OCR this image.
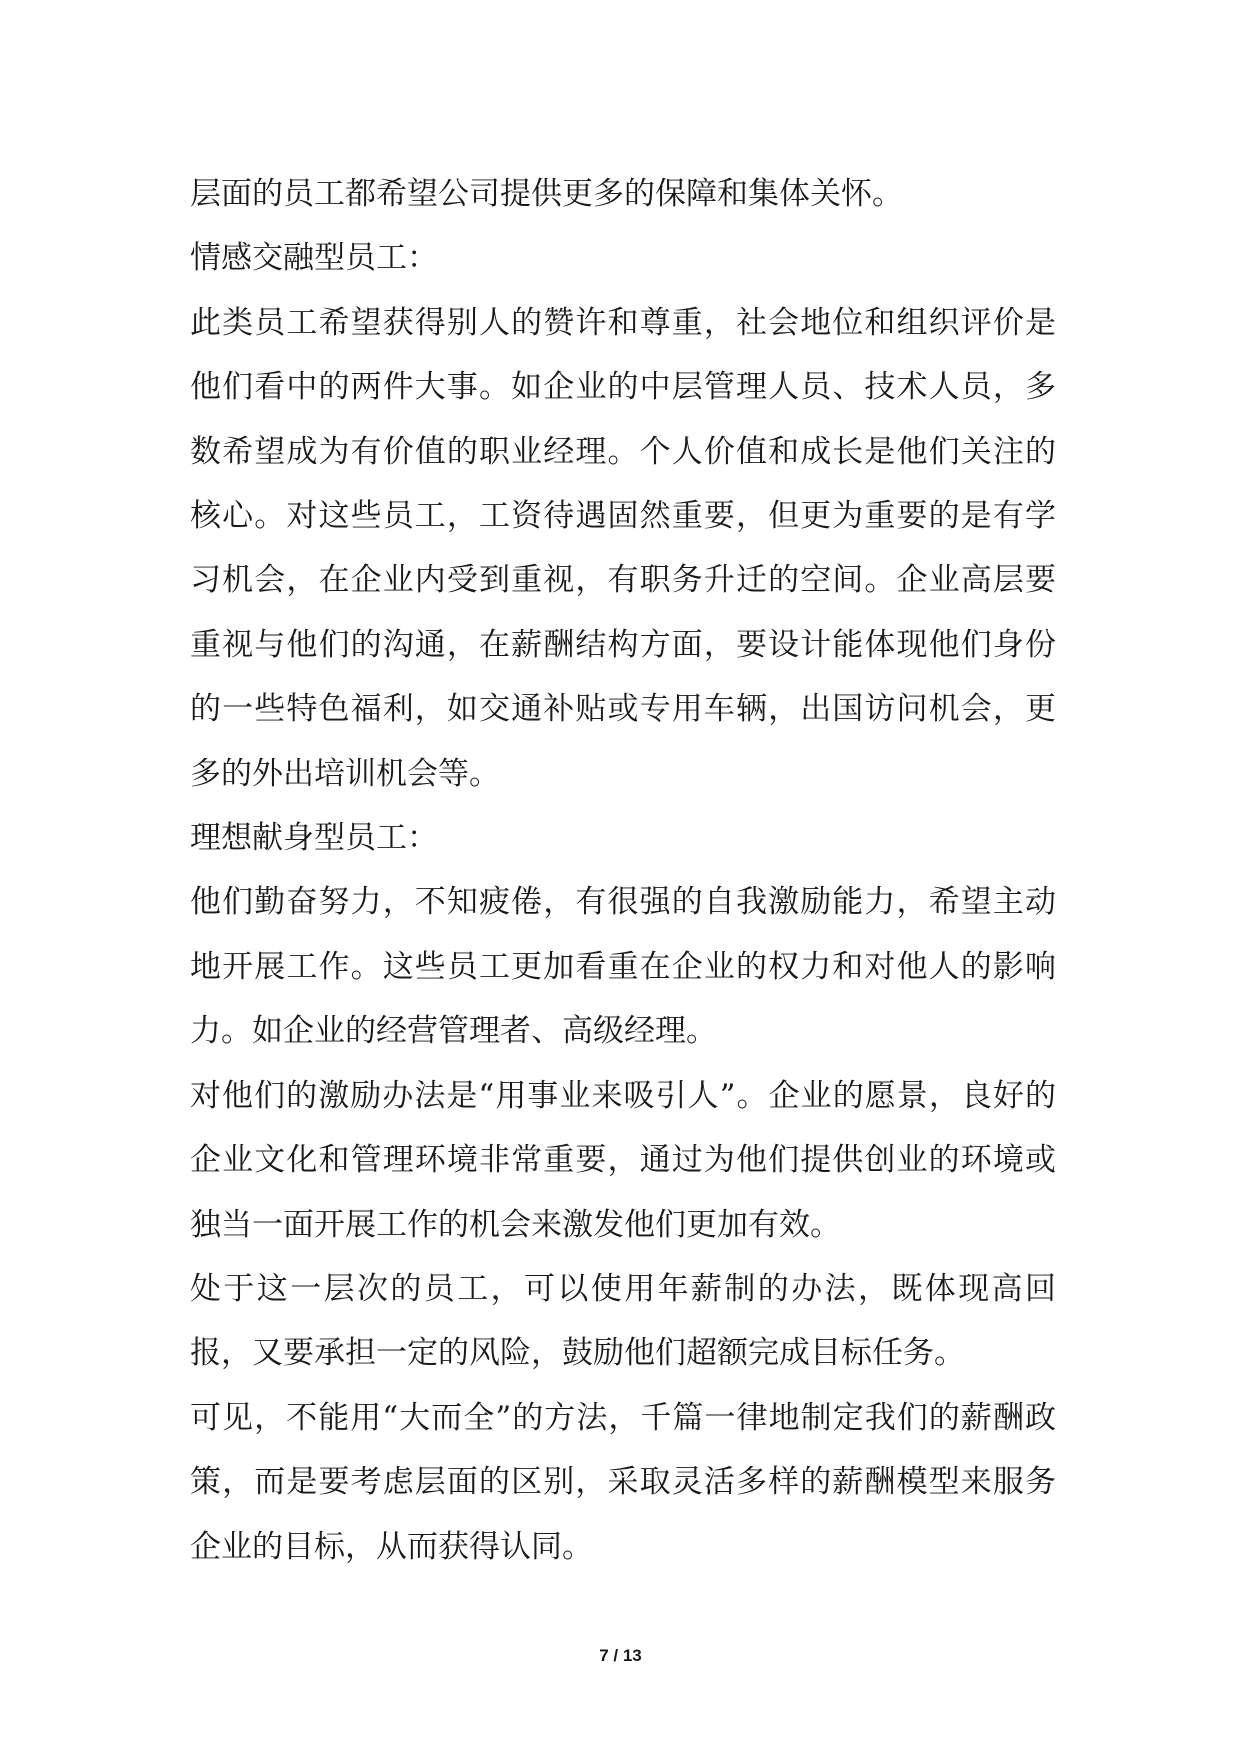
层面的员工都希望公司提供更多的保障和集体关怀。

情感交融型员工：

此类员工希望获得别人的赞许和尊重，社会地位和组织评价是他们看中的两件大事。如企业的中层管理人员、技术人员，多数希望成为有价值的职业经理。个人价值和成长是他们关注的核心。对这些员工，工资待遇固然重要，但更为重要的是有学习机会，在企业内受到重视，有职务升迁的空间。企业高层要重视与他们的沟通，在薪酬结构方面，要设计能体现他们身份的一些特色福利，如交通补贴或专用车辆，出国访问机会，更多的外出培训机会等。

理想献身型员工：

他们勤奋努力，不知疲倦，有很强的自我激励能力，希望主动地开展工作。这些员工更加看重在企业的权力和对他人的影响力。如企业的经营管理者、高级经理。

对他们的激励办法是“用事业来吸引人”。企业的愿景，良好的企业文化和管理环境非常重要，通过为他们提供创业的环境或独当一面开展工作的机会来激发他们更加有效。

处于这一层次的员工，可以使用年薪制的办法，既体现高回报，又要承担一定的风险，鼓励他们超额完成目标任务。

可见，不能用“大而全”的方法，千篇一律地制定我们的薪酬政策，而是要考虑层面的区别，采取灵活多样的薪酬模型来服务企业的目标，从而获得认同。

7 / 13
